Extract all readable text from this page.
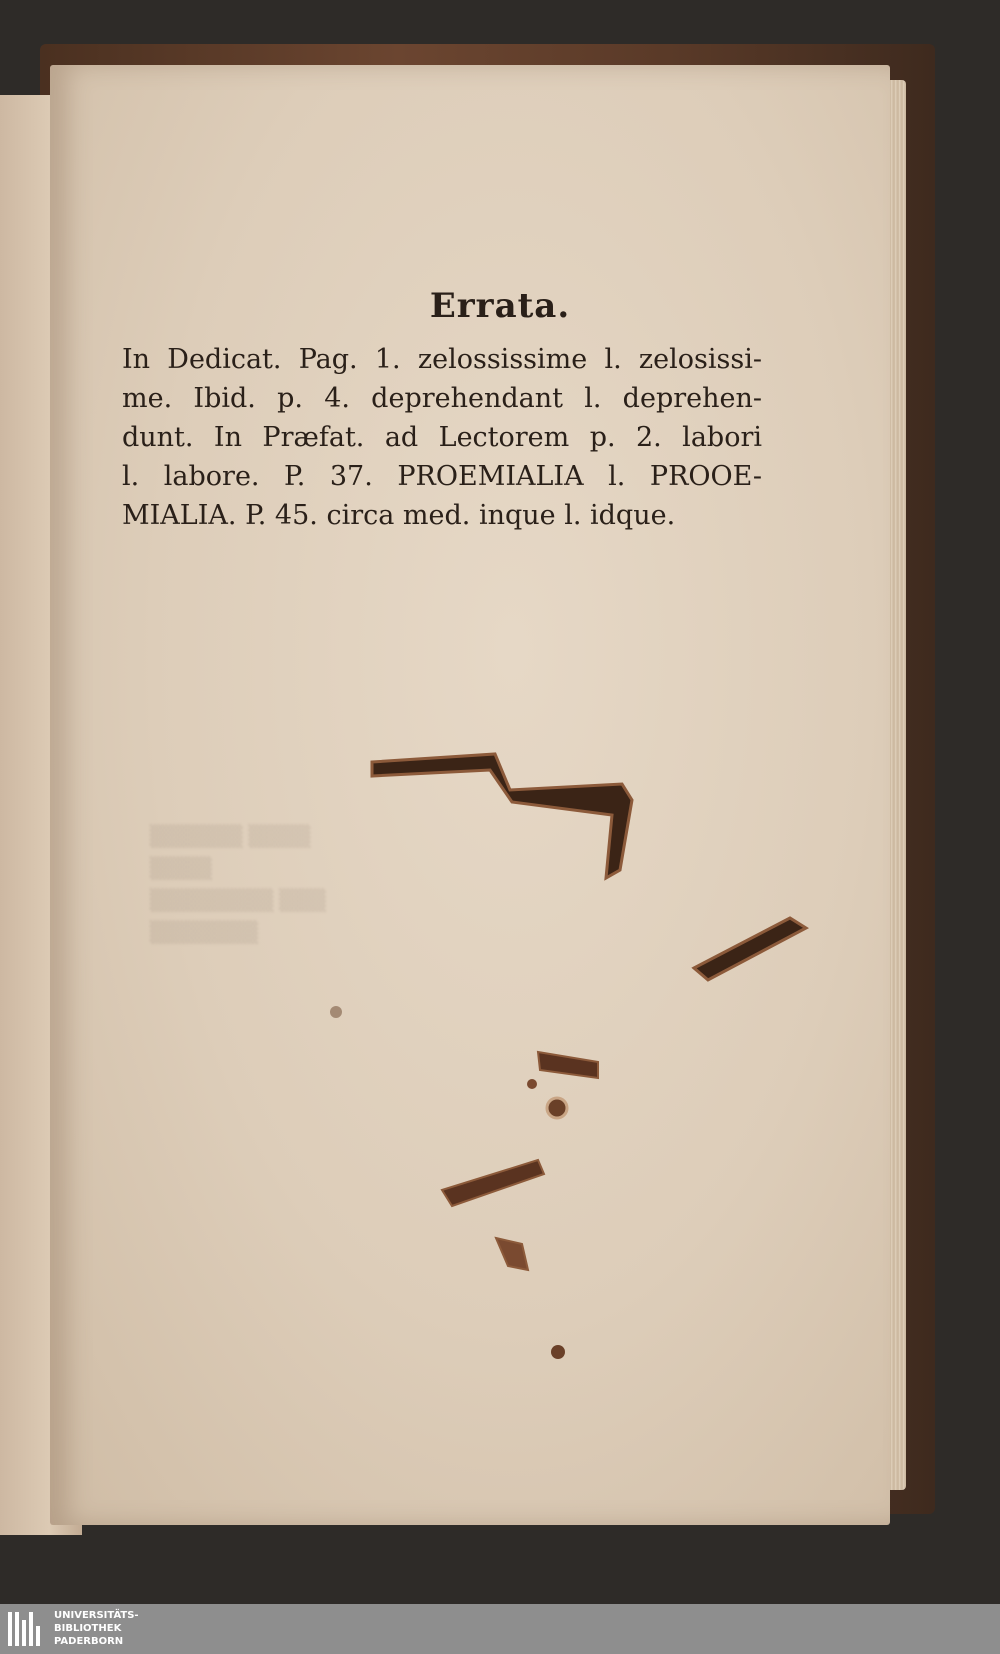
▒▒▒▒▒▒ ▒▒▒▒
▒▒▒▒
▒▒▒▒▒▒▒▒ ▒▒▒
▒▒▒▒▒▒▒
Errata.
In Dedicat. Pag. 1. zelossissime l. zelosissi-
me. Ibid. p. 4. deprehendant l. deprehen-
dunt. In Præfat. ad Lectorem p. 2. labori
l. labore. P. 37. PROEMIALIA l. PROOE-
MIALIA. P. 45. circa med. inque l. idque.
UNIVERSITÄTS-
BIBLIOTHEK
PADERBORN
